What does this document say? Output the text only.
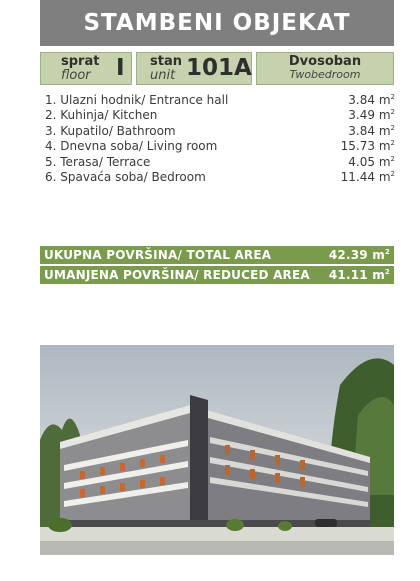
STAMBENI OBJEKAT
sprat
floor I stan
unit 101A	Dvosoban
Twobedroom
1. Ulazni hodnik/ Entrance hall	3.84 $m^2$
2. Kuhinja/ Kitchen	3.49 $m^2$
3. Kupatilo/ Bathroom	3.84 $m^2$
4. Dnevna soba/ Living room	15.73 $m^2$
5. Terasa/ Terrace	4.05 $m^2$
6. Spavaća soba/ Bedroom	11.44 $m^2$
UKUPNA POVRŠINA/ TOTAL AREA	42.39 $m^2$
UMANJENA POVRŠINA/ REDUCED AREA 41.11 $m^2$
